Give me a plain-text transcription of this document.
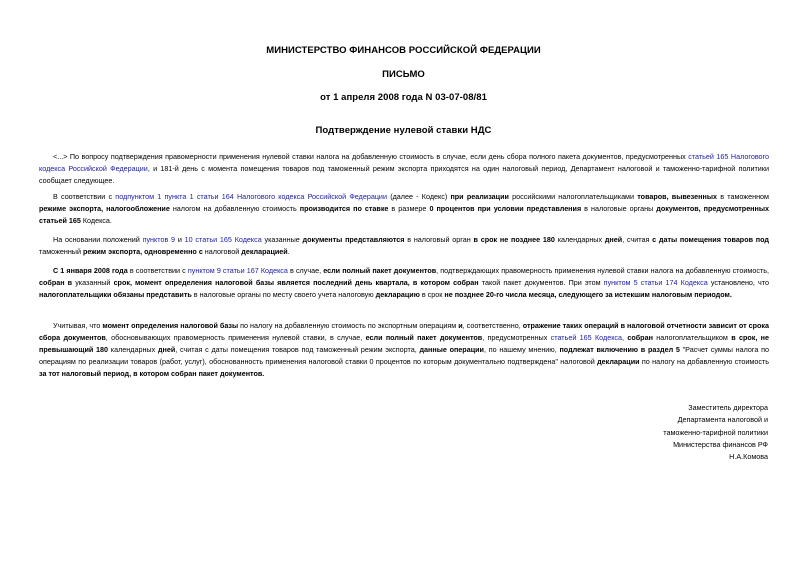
МИНИСТЕРСТВО ФИНАНСОВ РОССИЙСКОЙ ФЕДЕРАЦИИ
ПИСЬМО
от 1 апреля 2008 года N 03-07-08/81
Подтверждение нулевой ставки НДС
<...> По вопросу подтверждения правомерности применения нулевой ставки налога на добавленную стоимость в случае, если день сбора полного пакета документов, предусмотренных статьей 165 Налогового кодекса Российской Федерации, и 181-й день с момента помещения товаров под таможенный режим экспорта приходятся на один налоговый период, Департамент налоговой и таможенно-тарифной политики сообщает следующее.
В соответствии с подпунктом 1 пункта 1 статьи 164 Налогового кодекса Российской Федерации (далее - Кодекс) при реализации российскими налогоплательщиками товаров, вывезенных в таможенном режиме экспорта, налогообложение налогом на добавленную стоимость производится по ставке в размере 0 процентов при условии представления в налоговые органы документов, предусмотренных статьей 165 Кодекса.
На основании положений пунктов 9 и 10 статьи 165 Кодекса указанные документы представляются в налоговый орган в срок не позднее 180 календарных дней, считая с даты помещения товаров под таможенный режим экспорта, одновременно с налоговой декларацией.
С 1 января 2008 года в соответствии с пунктом 9 статьи 167 Кодекса в случае, если полный пакет документов, подтверждающих правомерность применения нулевой ставки налога на добавленную стоимость, собран в указанный срок, момент определения налоговой базы является последний день квартала, в котором собран такой пакет документов. При этом пунктом 5 статьи 174 Кодекса установлено, что налогоплательщики обязаны представить в налоговые органы по месту своего учета налоговую декларацию в срок не позднее 20-го числа месяца, следующего за истекшим налоговым периодом.
Учитывая, что момент определения налоговой базы по налогу на добавленную стоимость по экспортным операциям и, соответственно, отражение таких операций в налоговой отчетности зависит от срока сбора документов, обосновывающих правомерность применения нулевой ставки, в случае, если полный пакет документов, предусмотренных статьей 165 Кодекса, собран налогоплательщиком в срок, не превышающий 180 календарных дней, считая с даты помещения товаров под таможенный режим экспорта, данные операции, по нашему мнению, подлежат включению в раздел 5 "Расчет суммы налога по операциям по реализации товаров (работ, услуг), обоснованность применения налоговой ставки 0 процентов по которым документально подтверждена" налоговой декларации по налогу на добавленную стоимость за тот налоговый период, в котором собран пакет документов.
Заместитель директора
Департамента налоговой и
таможенно-тарифной политики
Министерства финансов РФ
Н.А.Комова
